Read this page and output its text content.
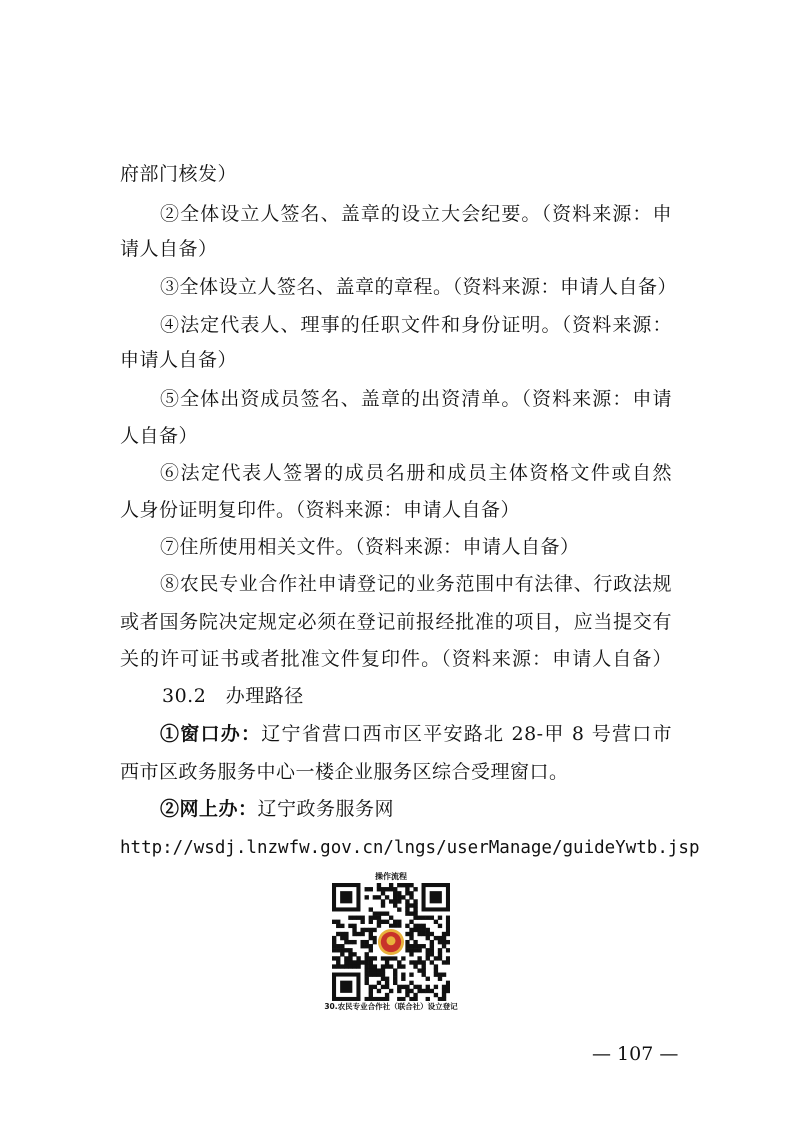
府部门核发）
②全体设立人签名、盖章的设立大会纪要。（资料来源：申
请人自备）
③全体设立人签名、盖章的章程。（资料来源：申请人自备）
④法定代表人、理事的任职文件和身份证明。（资料来源：
申请人自备）
⑤全体出资成员签名、盖章的出资清单。（资料来源：申请
人自备）
⑥法定代表人签署的成员名册和成员主体资格文件或自然
人身份证明复印件。（资料来源：申请人自备）
⑦住所使用相关文件。（资料来源：申请人自备）
⑧农民专业合作社申请登记的业务范围中有法律、行政法规
或者国务院决定规定必须在登记前报经批准的项目，应当提交有
关的许可证书或者批准文件复印件。（资料来源：申请人自备）
30.2　办理路径
①窗口办：辽宁省营口西市区平安路北 28-甲 8 号营口市
西市区政务服务中心一楼企业服务区综合受理窗口。
②网上办：辽宁政务服务网
http://wsdj.lnzwfw.gov.cn/lngs/userManage/guideYwtb.jsp
操作流程
30.农民专业合作社（联合社）设立登记
— 107 —
